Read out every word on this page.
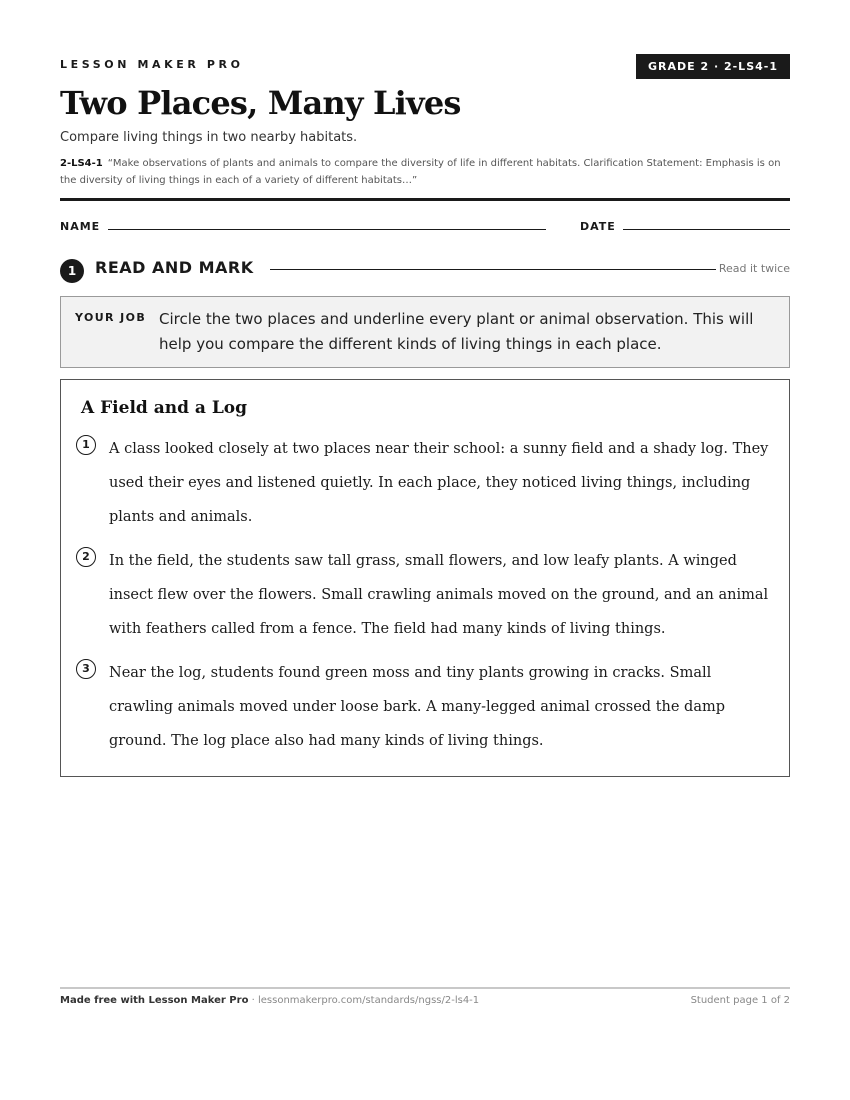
LESSON MAKER PRO	GRADE 2 · 2-LS4-1
Two Places, Many Lives
Compare living things in two nearby habitats.
2-LS4-1 “Make observations of plants and animals to compare the diversity of life in different habitats. Clarification Statement: Emphasis is on the diversity of living things in each of a variety of different habitats…”
NAME	DATE
1	READ AND MARK	Read it twice
YOUR JOB Circle the two places and underline every plant or animal observation. This will help you compare the different kinds of living things in each place.
A Field and a Log
1	A class looked closely at two places near their school: a sunny field and a shady log. They used their eyes and listened quietly. In each place, they noticed living things, including plants and animals.

2	In the field, the students saw tall grass, small flowers, and low leafy plants. A winged insect flew over the flowers. Small crawling animals moved on the ground, and an animal with feathers called from a fence. The field had many kinds of living things.

3	Near the log, students found green moss and tiny plants growing in cracks. Small crawling animals moved under loose bark. A many-legged animal crossed the damp ground. The log place also had many kinds of living things.

Made free with Lesson Maker Pro · lessonmakerpro.com/standards/ngss/2-ls4-1	Student page 1 of 2
